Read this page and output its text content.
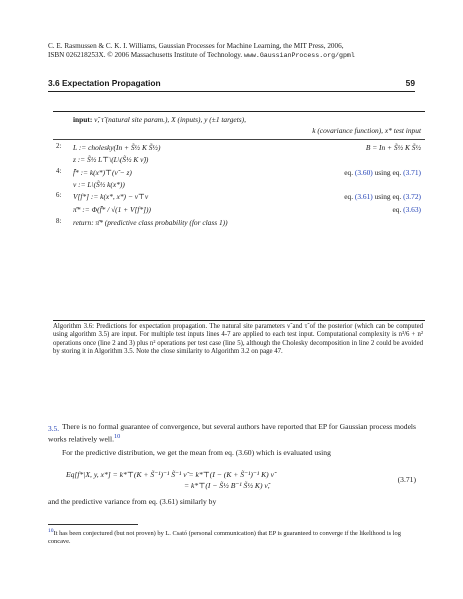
C. E. Rasmussen & C. K. I. Williams, Gaussian Processes for Machine Learning, the MIT Press, 2006,
ISBN 026218253X. © 2006 Massachusetts Institute of Technology. www.GaussianProcess.org/gpml
3.6 Expectation Propagation	59
input: ν̃, τ̃ (natural site param.), X (inputs), y (±1 targets),
k (covariance function), x* test input
2:	L := cholesky(In + S̃½ K S̃½)	B = In + S̃½ K S̃½
z := S̃½ L⊤\(L\(S̃½ K ν̃))
4:	f̄* := k(x*)⊤(ν̃ − z)	eq. (3.60) using eq. (3.71)
v := L\(S̃½ k(x*))
6:	V[f*] := k(x*, x*) − v⊤v	eq. (3.61) using eq. (3.72)
π̄* := Φ(f̄* / √(1 + V[f*]))	eq. (3.63)
8:	return: π̄* (predictive class probability (for class 1))
Algorithm 3.6: Predictions for expectation propagation. The natural site parameters ν̃ and τ̃ of the posterior (which can be computed using algorithm 3.5) are input. For multiple test inputs lines 4-7 are applied to each test input. Computational complexity is n³/6 + n² operations once (line 2 and 3) plus n² operations per test case (line 5), although the Cholesky decomposition in line 2 could be avoided by storing it in Algorithm 3.5. Note the close similarity to Algorithm 3.2 on page 47.
3.5. There is no formal guarantee of convergence, but several authors have reported that EP for Gaussian process models works relatively well.$^{10}$
For the predictive distribution, we get the mean from eq. (3.60) which is evaluated using
Eq[f*|X, y, x*] = k*⊤(K + S̃⁻¹)⁻¹ S̃⁻¹ ν̃ = k*⊤(I − (K + S̃⁻¹)⁻¹ K) ν̃
= k*⊤(I − S̃½ B⁻¹ S̃½ K) ν̃,
(3.71)
and the predictive variance from eq. (3.61) similarly by
10It has been conjectured (but not proven) by L. Csató (personal communication) that EP is guaranteed to converge if the likelihood is log concave.
